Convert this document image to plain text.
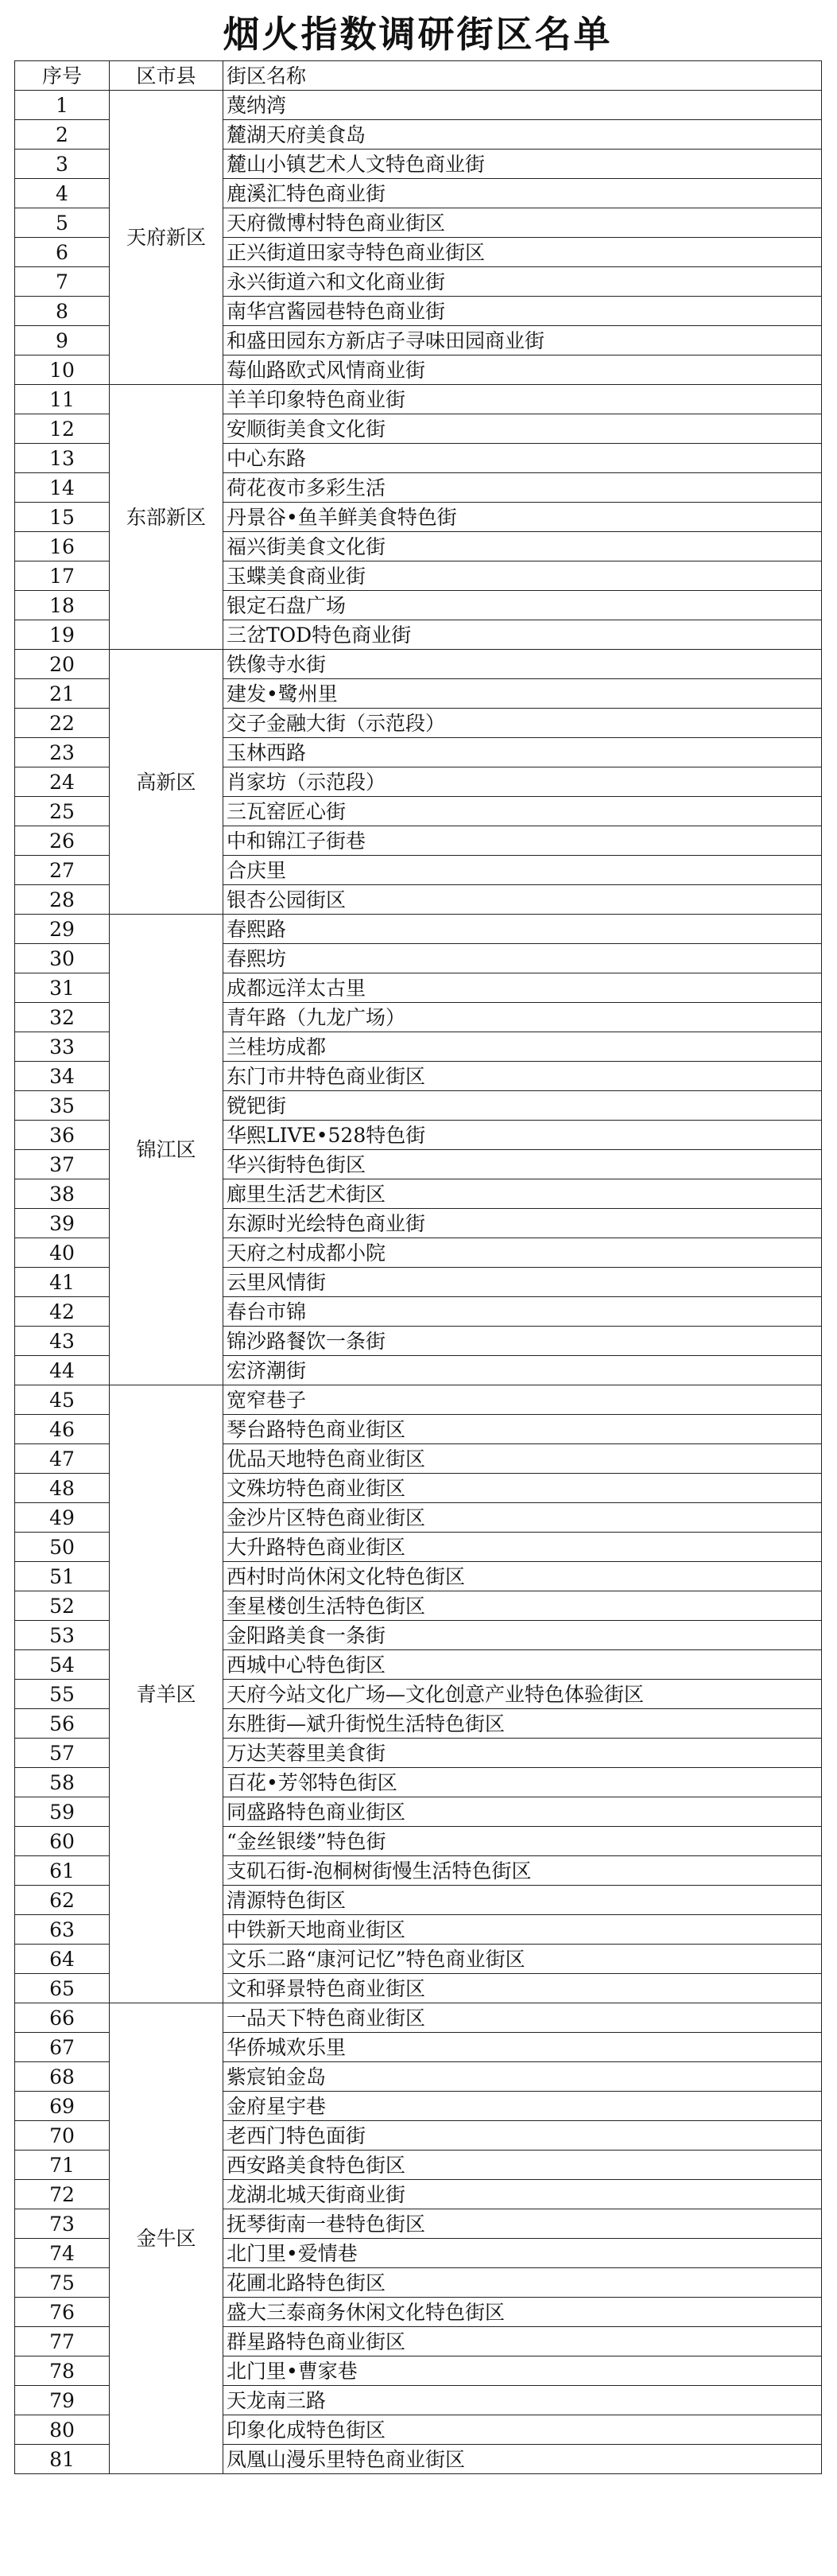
烟火指数调研街区名单
序号	区市县	街区名称
1	天府新区	蔑纳湾
2		麓湖天府美食岛
3		麓山小镇艺术人文特色商业街
4		鹿溪汇特色商业街
5		天府微博村特色商业街区
6		正兴街道田家寺特色商业街区
7		永兴街道六和文化商业街
8		南华宫酱园巷特色商业街
9		和盛田园东方新店子寻味田园商业街
10		莓仙路欧式风情商业街
11	东部新区	羊羊印象特色商业街
12		安顺街美食文化街
13		中心东路
14		荷花夜市多彩生活
15		丹景谷•鱼羊鲜美食特色街
16		福兴街美食文化街
17		玉蝶美食商业街
18		银定石盘广场
19		三岔TOD特色商业街
20	高新区	铁像寺水街
21		建发•鹭州里
22		交子金融大街（示范段）
23		玉林西路
24		肖家坊（示范段）
25		三瓦窑匠心街
26		中和锦江子街巷
27		合庆里
28		银杏公园街区
29	锦江区	春熙路
30		春熙坊
31		成都远洋太古里
32		青年路（九龙广场）
33		兰桂坊成都
34		东门市井特色商业街区
35		镋钯街
36		华熙LIVE•528特色街
37		华兴街特色街区
38		廊里生活艺术街区
39		东源时光绘特色商业街
40		天府之村成都小院
41		云里风情街
42		春台市锦
43		锦沙路餐饮一条街
44		宏济潮街
45	青羊区	宽窄巷子
46		琴台路特色商业街区
47		优品天地特色商业街区
48		文殊坊特色商业街区
49		金沙片区特色商业街区
50		大升路特色商业街区
51		西村时尚休闲文化特色街区
52		奎星楼创生活特色街区
53		金阳路美食一条街
54		西城中心特色街区
55		天府今站文化广场—文化创意产业特色体验街区
56		东胜街—斌升街悦生活特色街区
57		万达芙蓉里美食街
58		百花•芳邻特色街区
59		同盛路特色商业街区
60		“金丝银缕”特色街
61		支矶石街-泡桐树街慢生活特色街区
62		清源特色街区
63		中铁新天地商业街区
64		文乐二路“康河记忆”特色商业街区
65		文和驿景特色商业街区
66	金牛区	一品天下特色商业街区
67		华侨城欢乐里
68		紫宸铂金岛
69		金府星宇巷
70		老西门特色面街
71		西安路美食特色街区
72		龙湖北城天街商业街
73		抚琴街南一巷特色街区
74		北门里•爱情巷
75		花圃北路特色街区
76		盛大三泰商务休闲文化特色街区
77		群星路特色商业街区
78		北门里•曹家巷
79		天龙南三路
80		印象化成特色街区
81		凤凰山漫乐里特色商业街区
